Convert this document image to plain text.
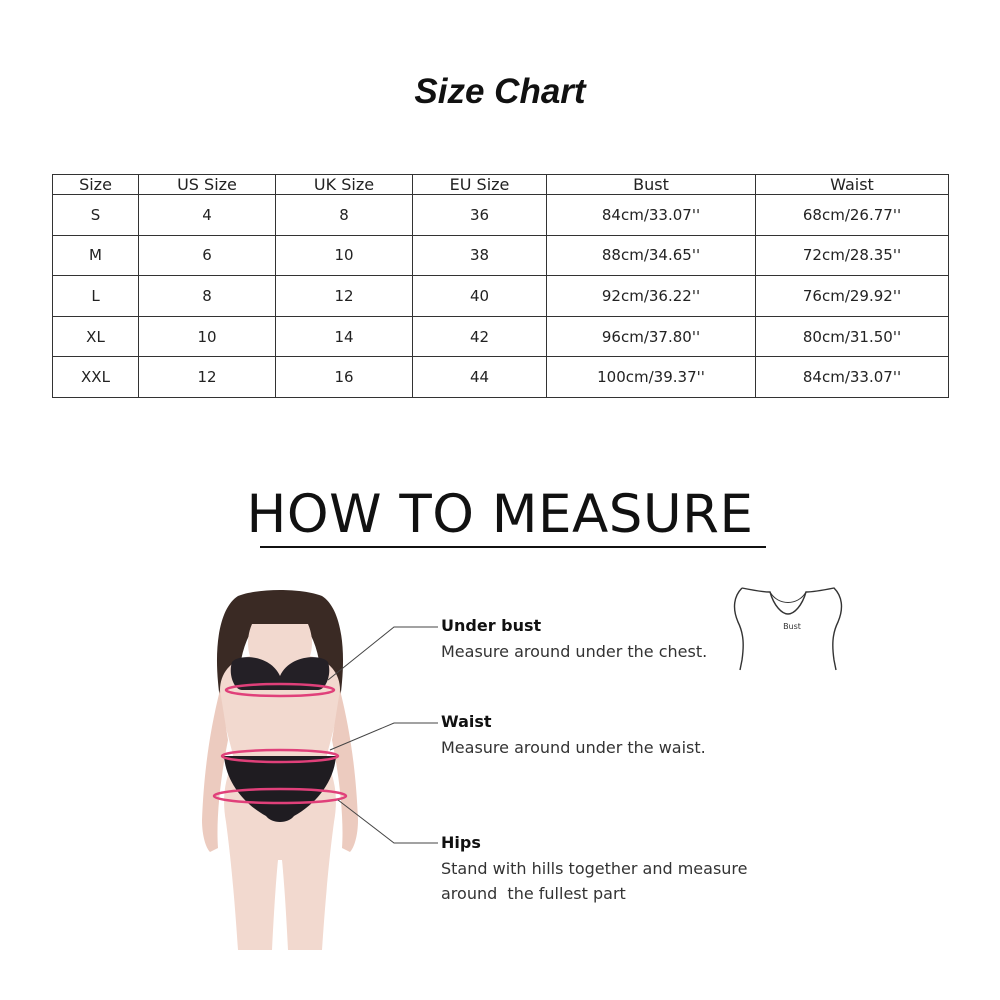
Size Chart
Size	US Size	UK Size	EU Size	Bust	Waist
S	4	8	36	84cm/33.07''	68cm/26.77''
M	6	10	38	88cm/34.65''	72cm/28.35''
L	8	12	40	92cm/36.22''	76cm/29.92''
XL	10	14	42	96cm/37.80''	80cm/31.50''
XXL	12	16	44	100cm/39.37''	84cm/33.07''
HOW TO MEASURE
Under bust
Measure around under the chest.
Waist
Measure around under the waist.
Hips
Stand with hills together and measure
around  the fullest part
Bust
